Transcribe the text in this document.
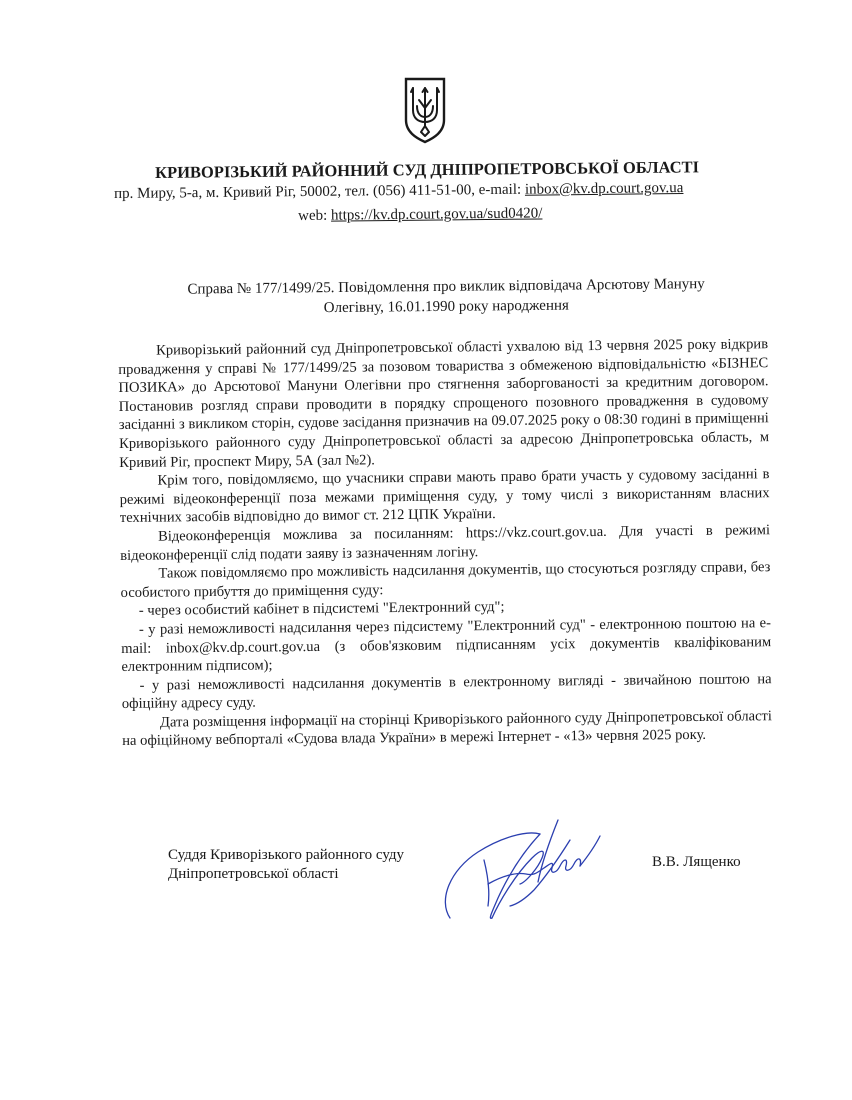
КРИВОРІЗЬКИЙ РАЙОННИЙ СУД ДНІПРОПЕТРОВСЬКОЇ ОБЛАСТІ
пр. Миру, 5-а, м. Кривий Ріг, 50002, тел. (056) 411-51-00, e-mail: inbox@kv.dp.court.gov.ua
web: https://kv.dp.court.gov.ua/sud0420/
Справа № 177/1499/25. Повідомлення про виклик відповідача Арсютову Мануну
Олегівну, 16.01.1990 року народження

Криворізький районний суд Дніпропетровської області ухвалою від 13 червня 2025 року відкрив провадження у справі № 177/1499/25 за позовом товариства з обмеженою відповідальністю «БІЗНЕС ПОЗИКА» до Арсютової Мануни Олегівни про стягнення заборгованості за кредитним договором. Постановив розгляд справи проводити в порядку спрощеного позовного провадження в судовому засіданні з викликом сторін, судове засідання призначив на 09.07.2025 року о 08:30 годині в приміщенні Криворізького районного суду Дніпропетровської області за адресою Дніпропетровська область, м Кривий Ріг, проспект Миру, 5А (зал №2).

Крім того, повідомляємо, що учасники справи мають право брати участь у судовому засіданні в режимі відеоконференції поза межами приміщення суду, у тому числі з використанням власних технічних засобів відповідно до вимог ст. 212 ЦПК України.

Відеоконференція можлива за посиланням: https://vkz.court.gov.ua. Для участі в режимі відеоконференції слід подати заяву із зазначенням логіну.

Також повідомляємо про можливість надсилання документів, що стосуються розгляду справи, без особистого прибуття до приміщення суду:

- через особистий кабінет в підсистемі "Електронний суд";

- у разі неможливості надсилання через підсистему "Електронний суд" - електронною поштою на e-mail: inbox@kv.dp.court.gov.ua (з обов'язковим підписанням усіх документів кваліфікованим електронним підписом);

- у разі неможливості надсилання документів в електронному вигляді - звичайною поштою на офіційну адресу суду.

Дата розміщення інформації на сторінці Криворізького районного суду Дніпропетровської області на офіційному вебпорталі «Судова влада України» в мережі Інтернет - «13» червня 2025 року.

Суддя Криворізького районного суду
Дніпропетровської області
В.В. Лященко
